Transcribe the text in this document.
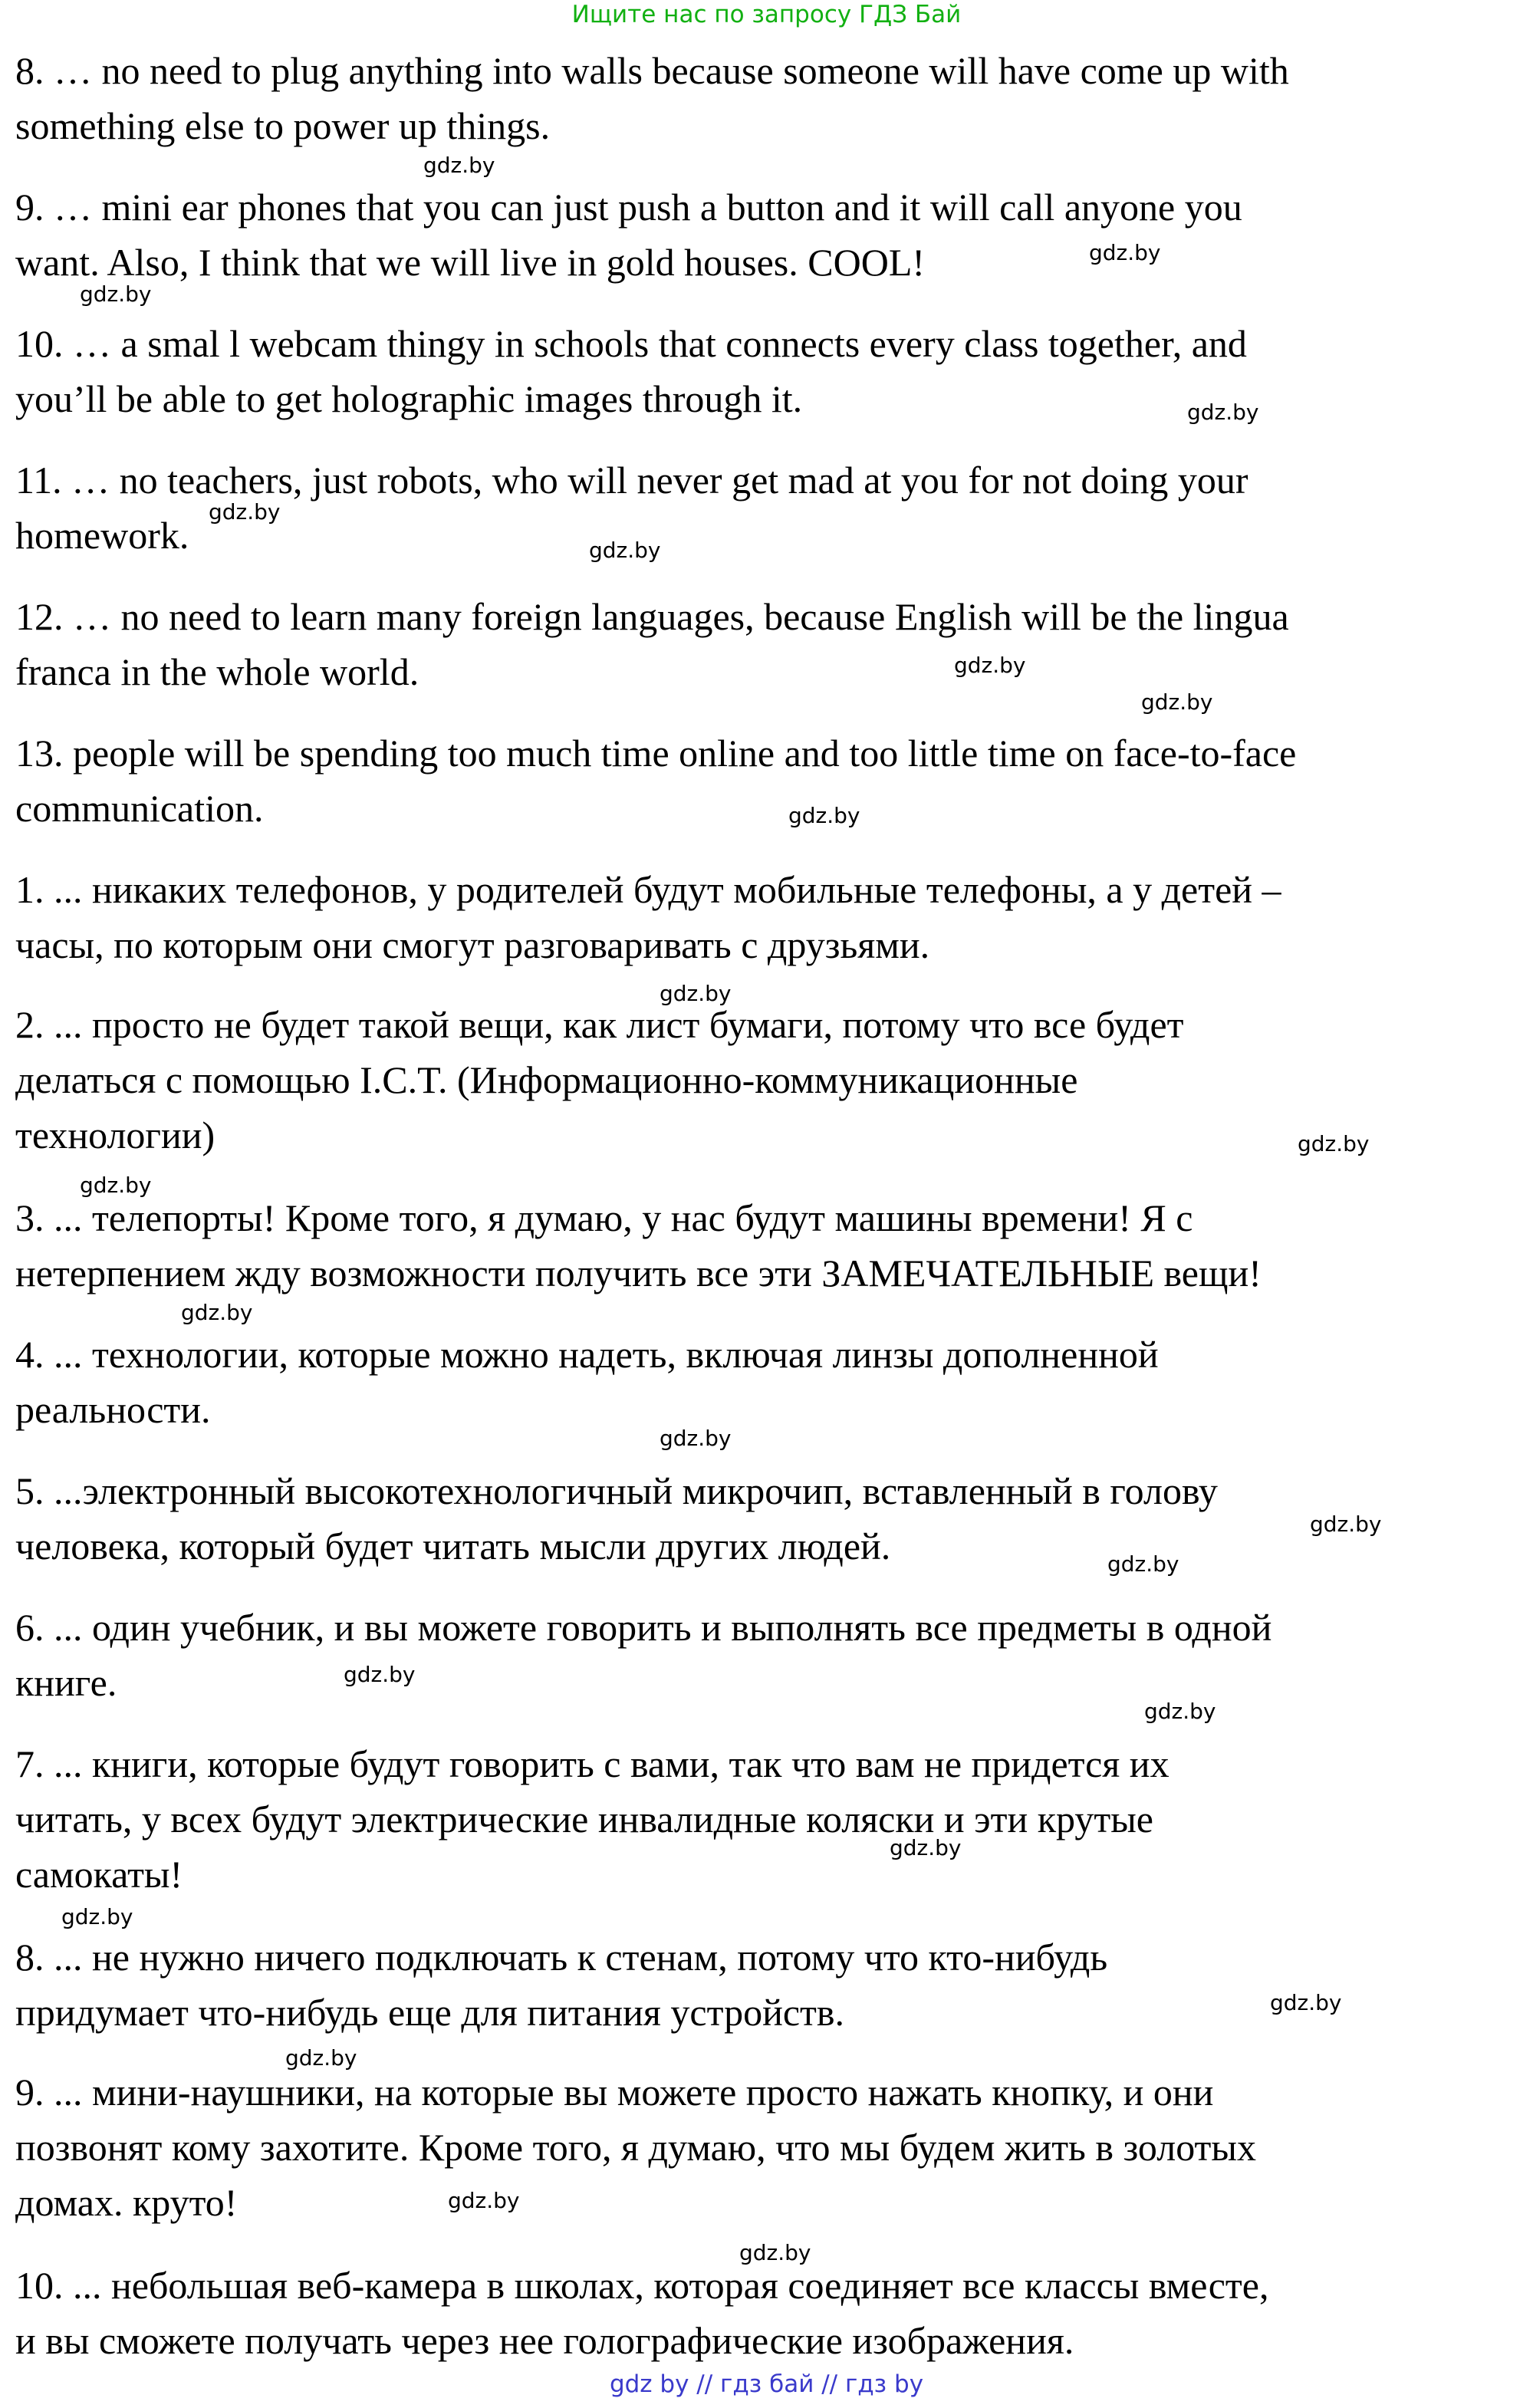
Ищите нас по запросу ГДЗ Бай
8. … no need to plug anything into walls because someone will have come up with
something else to power up things.
9. … mini ear phones that you can just push a button and it will call anyone you
want. Also, I think that we will live in gold houses. COOL!
10. … a smal l webcam thingy in schools that connects every class together, and
you’ll be able to get holographic images through it.
11. … no teachers, just robots, who will never get mad at you for not doing your
homework.
12. … no need to learn many foreign languages, because English will be the lingua
franca in the whole world.
13. people will be spending too much time online and too little time on face-to-face
communication.
1. ... никаких телефонов, у родителей будут мобильные телефоны, а у детей –
часы, по которым они смогут разговаривать с друзьями.
2. ... просто не будет такой вещи, как лист бумаги, потому что все будет
делаться с помощью I.C.T. (Информационно-коммуникационные
технологии)
3. ... телепорты! Кроме того, я думаю, у нас будут машины времени! Я с
нетерпением жду возможности получить все эти ЗАМЕЧАТЕЛЬНЫЕ вещи!
4. ... технологии, которые можно надеть, включая линзы дополненной
реальности.
5. ...электронный высокотехнологичный микрочип, вставленный в голову
человека, который будет читать мысли других людей.
6. ... один учебник, и вы можете говорить и выполнять все предметы в одной
книге.
7. ... книги, которые будут говорить с вами, так что вам не придется их
читать, у всех будут электрические инвалидные коляски и эти крутые
самокаты!
8. ... не нужно ничего подключать к стенам, потому что кто-нибудь
придумает что-нибудь еще для питания устройств.
9. ... мини-наушники, на которые вы можете просто нажать кнопку, и они
позвонят кому захотите. Кроме того, я думаю, что мы будем жить в золотых
домах. круто!
10. ... небольшая веб-камера в школах, которая соединяет все классы вместе,
и вы сможете получать через нее голографические изображения.
gdz.by
gdz.by
gdz.by
gdz.by
gdz.by
gdz.by
gdz.by
gdz.by
gdz.by
gdz.by
gdz.by
gdz.by
gdz.by
gdz.by
gdz.by
gdz.by
gdz.by
gdz.by
gdz.by
gdz.by
gdz.by
gdz.by
gdz.by
gdz.by
gdz by // гдз бай // гдз by
